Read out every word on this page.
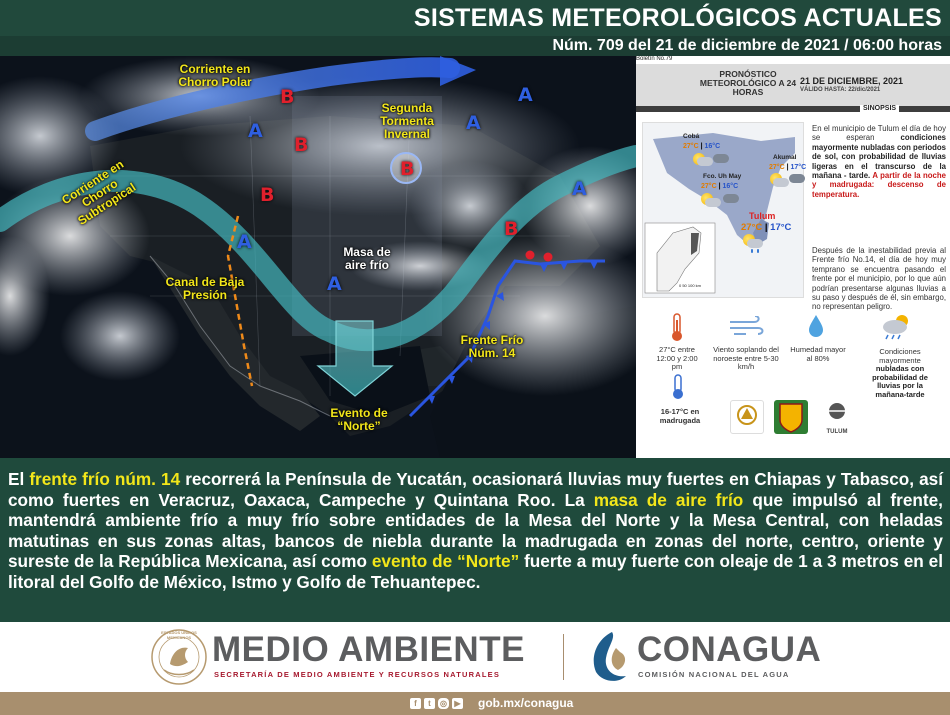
SISTEMAS METEOROLÓGICOS ACTUALES
Núm. 709 del 21 de diciembre de 2021 / 06:00 horas
Corriente en Chorro Polar
Corriente en Chorro Subtropical
Segunda Tormenta Invernal
Masa de aire frío
Canal de Baja Presión
Frente Frío Núm. 14
Evento de “Norte”
B
B
B
B
B
A	A
A
A
A
A
Boletín No.79
PRONÓSTICO METEOROLÓGICO A 24 HORAS
21 DE DICIEMBRE, 2021
VÁLIDO HASTA: 22/dic/2021
SINOPSIS
Cobá
27°C | 16°C
Akumal
27°C | 17°C
Fco. Uh May
27°C | 16°C
Tulum
27°C | 17°C
0 50 100 km
En el municipio de Tulum el día de hoy se esperan condiciones mayormente nubladas con periodos de sol, con probabilidad de lluvias ligeras en el transcurso de la mañana - tarde. A partir de la noche y madrugada: descenso de temperatura.
Después de la inestabilidad previa al Frente frío No.14, el día de hoy muy temprano se encuentra pasando el frente por el municipio, por lo que aún podrían presentarse algunas lluvias a su paso y después de él, sin embargo, no representan peligro.
27°C entre 12:00 y 2:00 pm
Viento soplando del noroeste entre 5-30 km/h
Humedad mayor al 80%
Condiciones mayormente
nubladas con probabilidad de lluvias por la mañana-tarde
16-17°C en madrugada
TULUM
El frente frío núm. 14 recorrerá la Península de Yucatán, ocasionará lluvias muy fuertes en Chiapas y Tabasco, así como fuertes en Veracruz, Oaxaca, Campeche y Quintana Roo. La masa de aire frío que impulsó al frente, mantendrá ambiente frío a muy frío sobre entidades de la Mesa del Norte y la Mesa Central, con heladas matutinas en sus zonas altas, bancos de niebla durante la madrugada en zonas del norte, centro, oriente y sureste de la República Mexicana, así como evento de “Norte” fuerte a muy fuerte con oleaje de 1 a 3 metros en el litoral del Golfo de México, Istmo y Golfo de Tehuantepec.
ESTADOS UNIDOS MEXICANOS MEDIO AMBIENTE
SECRETARÍA DE MEDIO AMBIENTE Y RECURSOS NATURALES
CONAGUA
COMISIÓN NACIONAL DEL AGUA
f	t	◎ ▶ gob.mx/conagua
